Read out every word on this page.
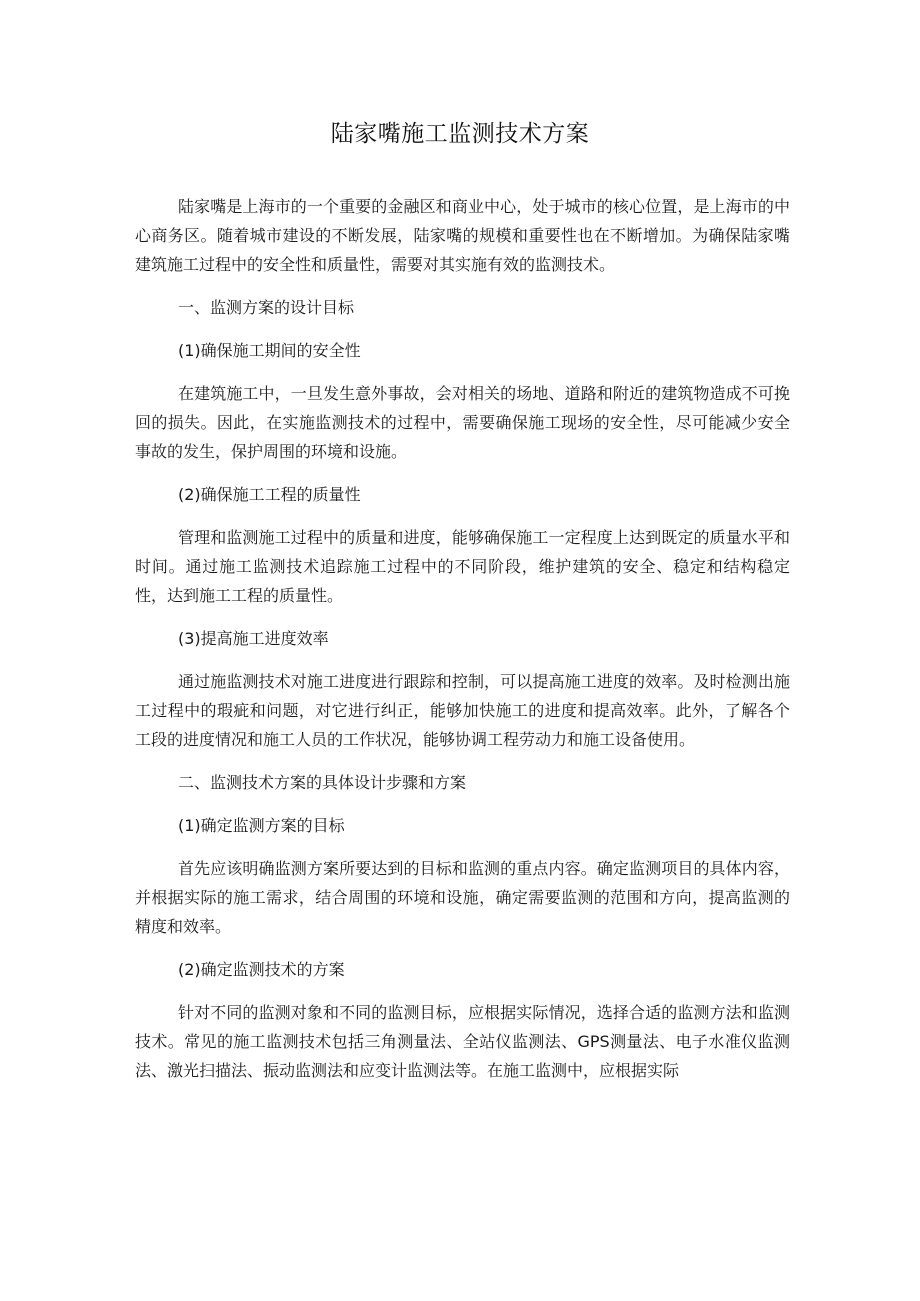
陆家嘴施工监测技术方案

陆家嘴是上海市的一个重要的金融区和商业中心，处于城市的核心位置，是上海市的中心商务区。随着城市建设的不断发展，陆家嘴的规模和重要性也在不断增加。为确保陆家嘴建筑施工过程中的安全性和质量性，需要对其实施有效的监测技术。

一、监测方案的设计目标

(1)确保施工期间的安全性

在建筑施工中，一旦发生意外事故，会对相关的场地、道路和附近的建筑物造成不可挽回的损失。因此，在实施监测技术的过程中，需要确保施工现场的安全性，尽可能减少安全事故的发生，保护周围的环境和设施。

(2)确保施工工程的质量性

管理和监测施工过程中的质量和进度，能够确保施工一定程度上达到既定的质量水平和时间。通过施工监测技术追踪施工过程中的不同阶段，维护建筑的安全、稳定和结构稳定性，达到施工工程的质量性。

(3)提高施工进度效率

通过施监测技术对施工进度进行跟踪和控制，可以提高施工进度的效率。及时检测出施工过程中的瑕疵和问题，对它进行纠正，能够加快施工的进度和提高效率。此外，了解各个工段的进度情况和施工人员的工作状况，能够协调工程劳动力和施工设备使用。

二、监测技术方案的具体设计步骤和方案

(1)确定监测方案的目标

首先应该明确监测方案所要达到的目标和监测的重点内容。确定监测项目的具体内容，并根据实际的施工需求，结合周围的环境和设施，确定需要监测的范围和方向，提高监测的精度和效率。

(2)确定监测技术的方案

针对不同的监测对象和不同的监测目标，应根据实际情况，选择合适的监测方法和监测技术。常见的施工监测技术包括三角测量法、全站仪监测法、GPS测量法、电子水准仪监测法、激光扫描法、振动监测法和应变计监测法等。在施工监测中，应根据实际
